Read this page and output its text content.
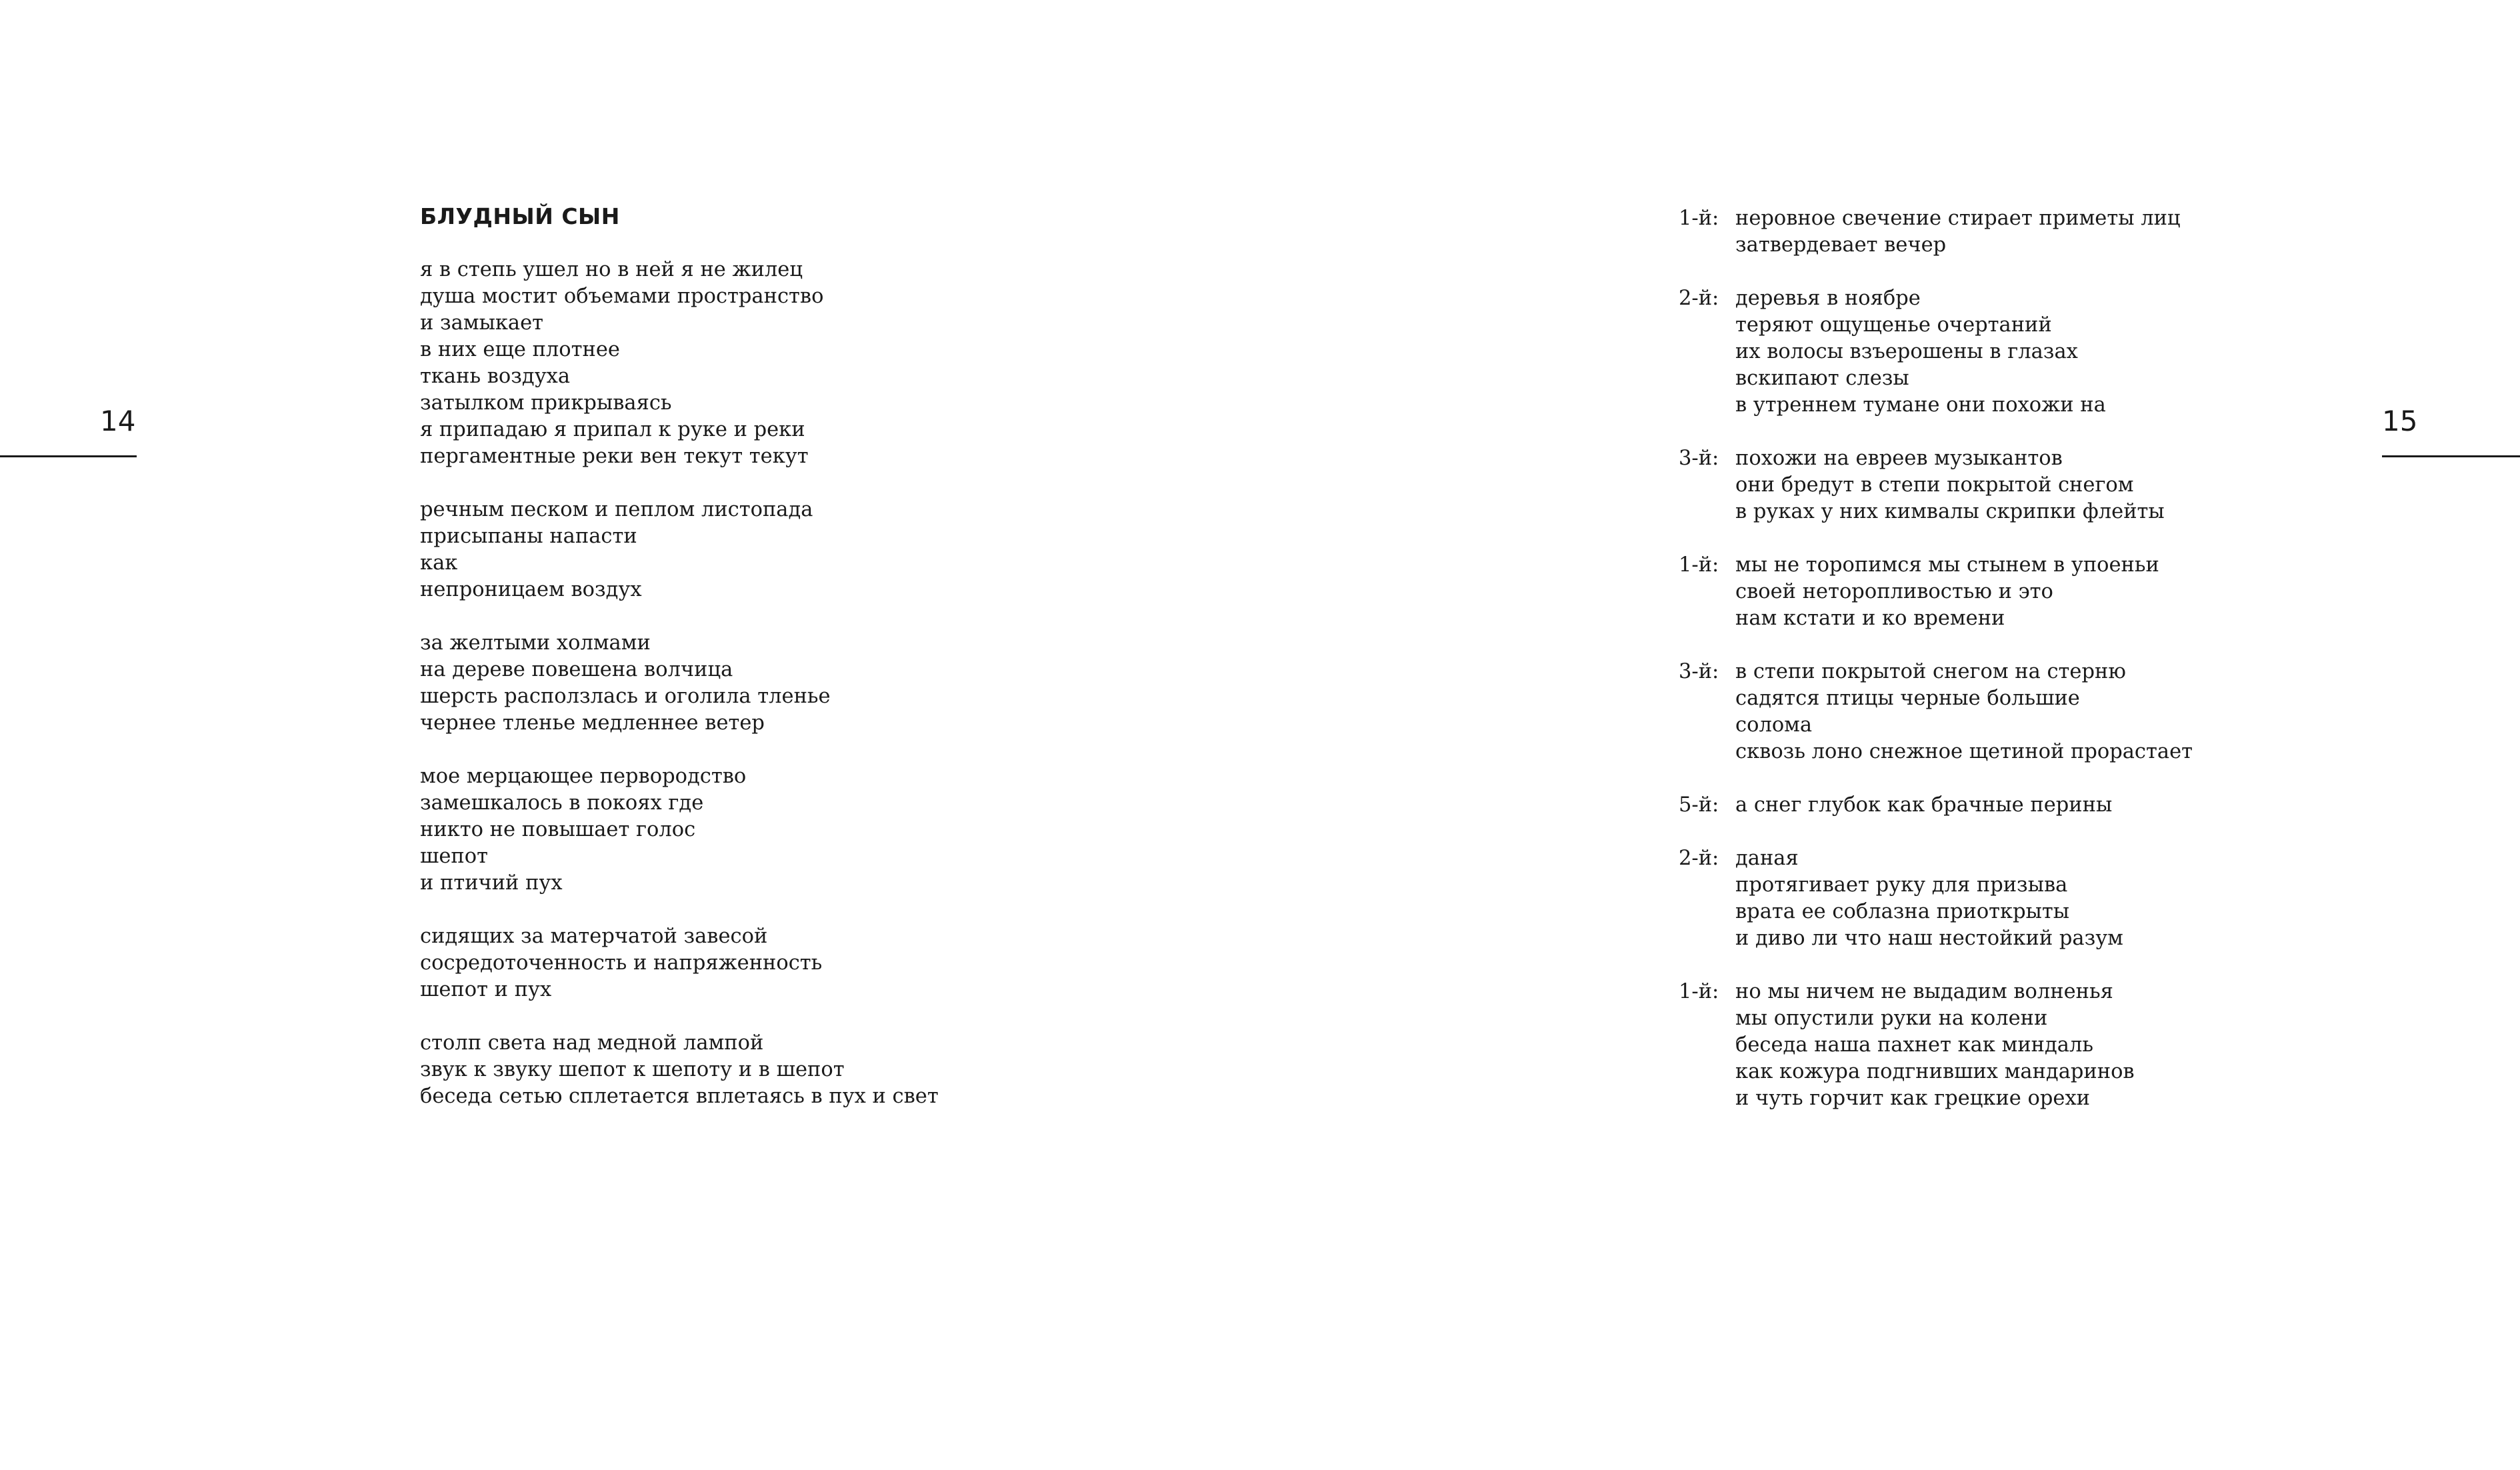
14	15
БЛУДНЫЙ СЫН
я в степь ушел но в ней я не жилец
душа мостит объемами пространство
и замыкает
в них еще плотнее
ткань воздуха
затылком прикрываясь
я припадаю я припал к руке и реки
пергаментные реки вен текут текут
речным песком и пеплом листопада
присыпаны напасти
как
непроницаем воздух
за желтыми холмами
на дереве повешена волчица
шерсть расползлась и оголила тленье
чернее тленье медленнее ветер
мое мерцающее первородство
замешкалось в покоях где
никто не повышает голос
шепот
и птичий пух
сидящих за матерчатой завесой
сосредоточенность и напряженность
шепот и пух
столп света над медной лампой
звук к звуку шепот к шепоту и в шепот
беседа сетью сплетается вплетаясь в пух и свет
1-й: неровное свечение стирает приметы лиц
затвердевает вечер
2-й: деревья в ноябре
теряют ощущенье очертаний
их волосы взъерошены в глазах
вскипают слезы
в утреннем тумане они похожи на
3-й: похожи на евреев музыкантов
они бредут в степи покрытой снегом
в руках у них кимвалы скрипки флейты
1-й: мы не торопимся мы стынем в упоеньи
своей неторопливостью и это
нам кстати и ко времени
3-й: в степи покрытой снегом на стерню
садятся птицы черные большие
солома
сквозь лоно снежное щетиной прорастает
5-й: а снег глубок как брачные перины
2-й: даная
протягивает руку для призыва
врата ее соблазна приоткрыты
и диво ли что наш нестойкий разум
1-й: но мы ничем не выдадим волненья
мы опустили руки на колени
беседа наша пахнет как миндаль
как кожура подгнивших мандаринов
и чуть горчит как грецкие орехи
